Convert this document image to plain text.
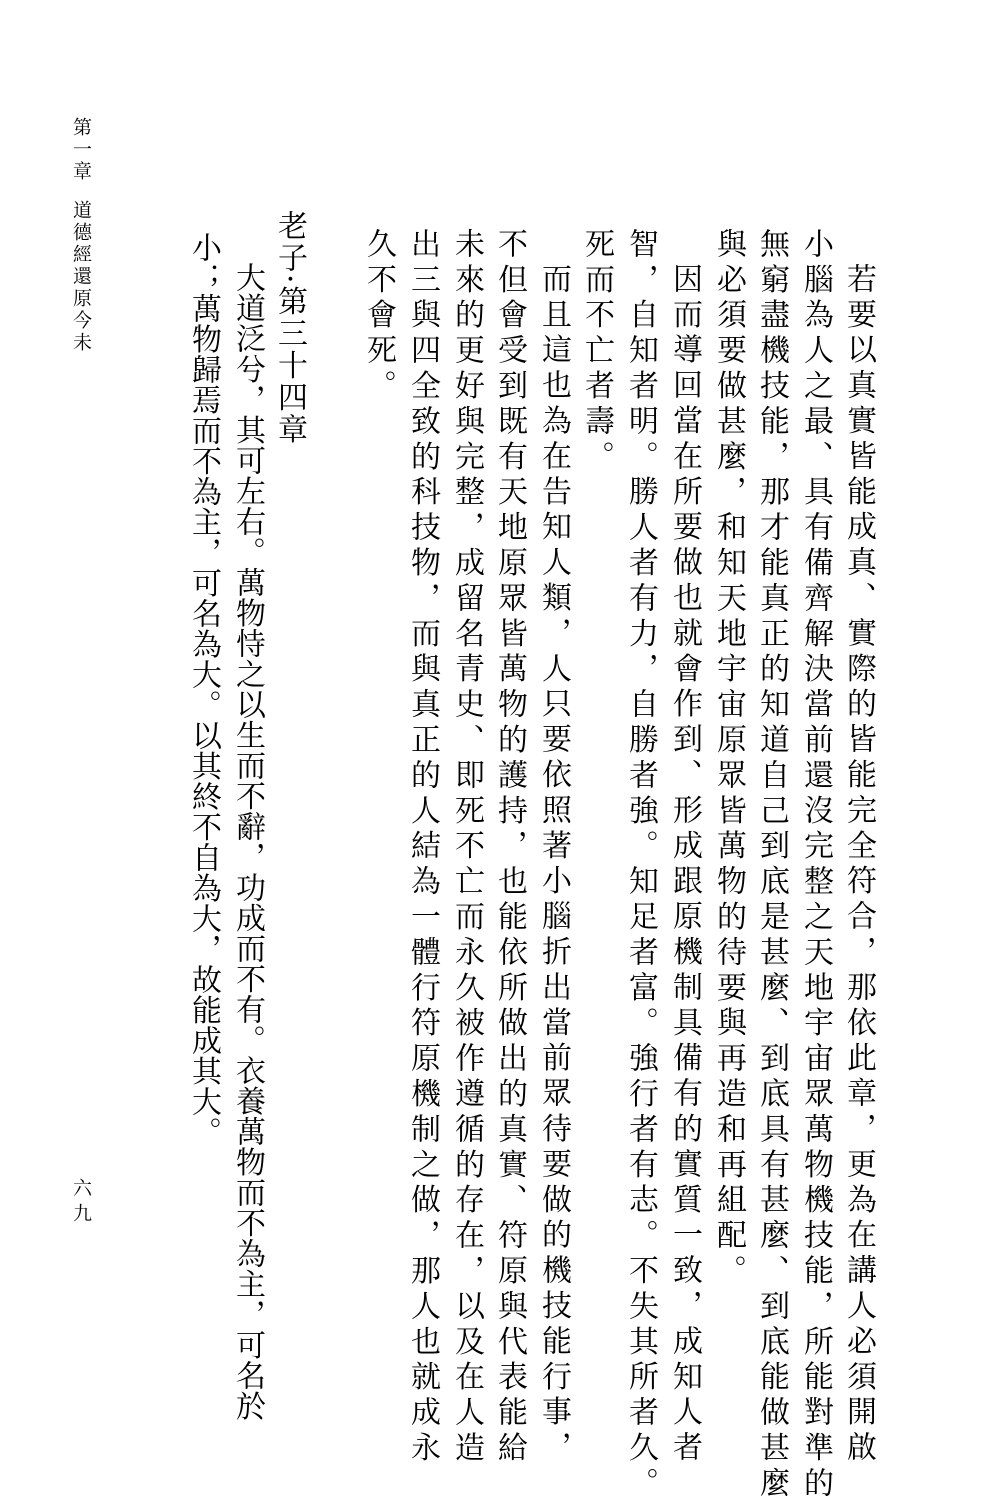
第一章
道德經還原今未
六九	若要以真實皆能成真、實際的皆能完全符合，那依此章，更為在講人必須開啟
小腦為人之最、具有備齊解決當前還沒完整之天地宇宙眾萬物機技能，所能對準的
無窮盡機技能，那才能真正的知道自己到底是甚麼、到底具有甚麼、到底能做甚麼
與必須要做甚麼，和知天地宇宙原眾皆萬物的待要與再造和再組配。
因而導回當在所要做也就會作到、形成跟原機制具備有的實質一致，成知人者
智，自知者明。勝人者有力，自勝者強。知足者富。強行者有志。不失其所者久。
死而不亡者壽。
而且這也為在告知人類，人只要依照著小腦折出當前眾待要做的機技能行事，
不但會受到既有天地原眾皆萬物的護持，也能依所做出的真實、符原與代表能給
未來的更好與完整，成留名青史、即死不亡而永久被作遵循的存在，以及在人造
出三與四全致的科技物，而與真正的人結為一體行符原機制之做，那人也就成永
久不會死。
老子·第三十四章
大道泛兮，其可左右。萬物恃之以生而不辭，功成而不有。衣養萬物而不為主，可名於
小；萬物歸焉而不為主，可名為大。以其終不自為大，故能成其大。
